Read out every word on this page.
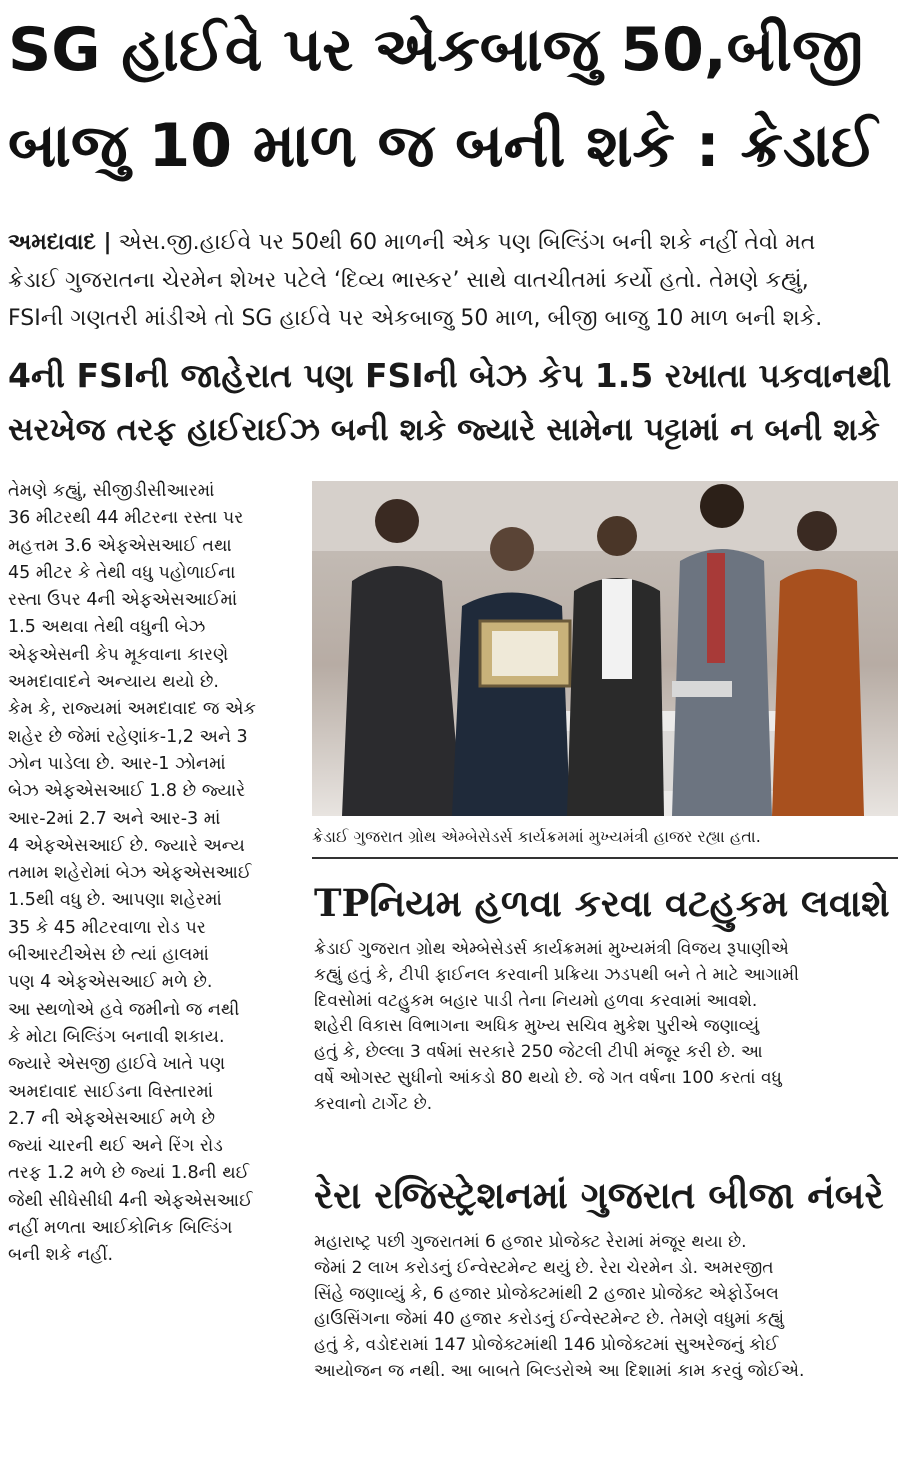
SG હાઈવે પર એકબાજુ 50,બીજી
બાજુ 10 માળ જ બની શકે : ક્રેડાઈ

અમદાવાદ | એસ.જી.હાઈવે પર 50થી 60 માળની એક પણ બિલ્ડિંગ બની શકે નહીં તેવો મત

ક્રેડાઈ ગુજરાતના ચેરમેન શેખર પટેલે ‘દિવ્ય ભાસ્કર’ સાથે વાતચીતમાં કર્યો હતો. તેમણે કહ્યું,

FSIની ગણતરી માંડીએ તો SG હાઈવે પર એકબાજુ 50 માળ, બીજી બાજુ 10 માળ બની શકે.

4ની FSIની જાહેરાત પણ FSIની બેઝ કેપ 1.5 રખાતા પકવાનથી
સરખેજ તરફ હાઈરાઈઝ બની શકે જ્યારે સામેના પટ્ટામાં ન બની શકે

તેમણે કહ્યું, સીજીડીસીઆરમાં

36 મીટરથી 44 મીટરના રસ્તા પર

મહત્તમ 3.6 એફએસઆઈ તથા

45 મીટર કે તેથી વધુ પહોળાઈના

રસ્તા ઉપર 4ની એફએસઆઈમાં

1.5 અથવા તેથી વધુની બેઝ

એફએસની કેપ મૂકવાના કારણે

અમદાવાદને અન્યાય થયો છે.

કેમ કે, રાજ્યમાં અમદાવાદ જ એક

શહેર છે જેમાં રહેણાંક-1,2 અને 3

ઝોન પાડેલા છે. આર-1 ઝોનમાં

બેઝ એફએસઆઈ 1.8 છે જ્યારે

આર-2માં 2.7 અને આર-3 માં

4 એફએસઆઈ છે. જ્યારે અન્ય

તમામ શહેરોમાં બેઝ એફએસઆઈ

1.5થી વધુ છે. આપણા શહેરમાં

35 કે 45 મીટરવાળા રોડ પર

બીઆરટીએસ છે ત્યાં હાલમાં

પણ 4 એફએસઆઈ મળે છે.

આ સ્થળોએ હવે જમીનો જ નથી

કે મોટા બિલ્ડિંગ બનાવી શકાય.

જ્યારે એસજી હાઈવે ખાતે પણ

અમદાવાદ સાઈડના વિસ્તારમાં

2.7 ની એફએસઆઈ મળે છે

જ્યાં ચારની થઈ અને રિંગ રોડ

તરફ 1.2 મળે છે જ્યાં 1.8ની થઈ

જેથી સીધેસીધી 4ની એફએસઆઈ

નહીં મળતા આઈકોનિક બિલ્ડિંગ

બની શકે નહીં.

ક્રેડાઈ ગુજરાત ગ્રોથ એમ્બેસેડર્સ કાર્યક્રમમાં મુખ્યમંત્રી હાજર રહ્યા હતા.
TPનિયમ હળવા કરવા વટહુકમ લવાશે

ક્રેડાઈ ગુજરાત ગ્રોથ એમ્બેસેડર્સ કાર્યક્રમમાં મુખ્યમંત્રી વિજય રૂપાણીએ

કહ્યું હતું કે, ટીપી ફાઈનલ કરવાની પ્રક્રિયા ઝડપથી બને તે માટે આગામી

દિવસોમાં વટહુકમ બહાર પાડી તેના નિયમો હળવા કરવામાં આવશે.

શહેરી વિકાસ વિભાગના અધિક મુખ્ય સચિવ મુકેશ પુરીએ જણાવ્યું

હતું કે, છેલ્લા 3 વર્ષમાં સરકારે 250 જેટલી ટીપી મંજૂર કરી છે. આ

વર્ષે ઓગસ્ટ સુધીનો આંકડો 80 થયો છે. જે ગત વર્ષના 100 કરતાં વધુ

કરવાનો ટાર્ગેટ છે.

રેરા રજિસ્ટ્રેશનમાં ગુજરાત બીજા નંબરે

મહારાષ્ટ્ર પછી ગુજરાતમાં 6 હજાર પ્રોજેક્ટ રેરામાં મંજૂર થયા છે.

જેમાં 2 લાખ કરોડનું ઈન્વેસ્ટમેન્ટ થયું છે. રેરા ચેરમેન ડો. અમરજીત

સિંહે જણાવ્યું કે, 6 હજાર પ્રોજેક્ટમાંથી 2 હજાર પ્રોજેક્ટ એફોર્ડેબલ

હાઉસિંગના જેમાં 40 હજાર કરોડનું ઈન્વેસ્ટમેન્ટ છે. તેમણે વધુમાં કહ્યું

હતું કે, વડોદરામાં 147 પ્રોજેક્ટમાંથી 146 પ્રોજેક્ટમાં સુઅરેજનું કોઈ

આયોજન જ નથી. આ બાબતે બિલ્ડરોએ આ દિશામાં કામ કરવું જોઈએ.
